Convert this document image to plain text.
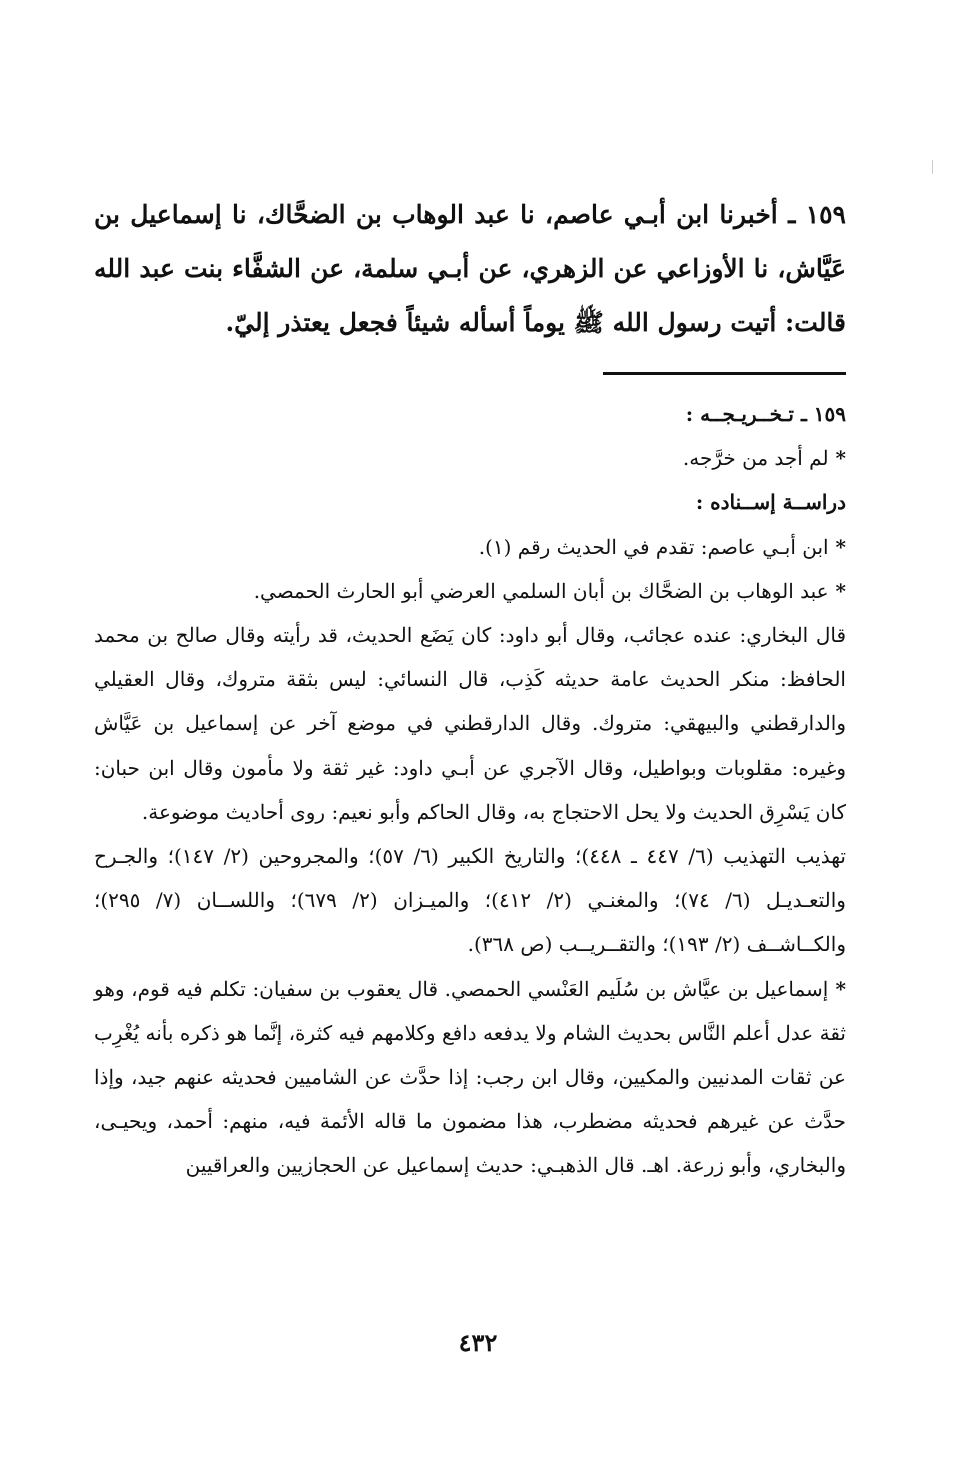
١٥٩ ـ أخبرنا ابن أبـي عاصم، نا عبد الوهاب بن الضحَّاك، نا إسماعيل بن عَيَّاش، نا الأوزاعي عن الزهري، عن أبـي سلمة، عن الشفَّاء بنت عبد الله قالت: أتيت رسول الله ﷺ يوماً أسأله شيئاً فجعل يعتذر إليّ.

١٥٩ ـ تـخــريـجــه :

* لم أجد من خرَّجه.

دراســة إســناده :

* ابن أبـي عاصم: تقدم في الحديث رقم (١).

* عبد الوهاب بن الضحَّاك بن أبان السلمي العرضي أبو الحارث الحمصي.

قال البخاري: عنده عجائب، وقال أبو داود: كان يَضَع الحديث، قد رأيته وقال صالح بن محمد الحافظ: منكر الحديث عامة حديثه كَذِب، قال النسائي: ليس بثقة متروك، وقال العقيلي والدارقطني والبيهقي: متروك. وقال الدارقطني في موضع آخر عن إسماعيل بن عَيَّاش وغيره: مقلوبات وبواطيل، وقال الآجري عن أبـي داود: غير ثقة ولا مأمون وقال ابن حبان: كان يَسْرِق الحديث ولا يحل الاحتجاج به، وقال الحاكم وأبو نعيم: روى أحاديث موضوعة.

تهذيب التهذيب (٦/ ٤٤٧ ـ ٤٤٨)؛ والتاريخ الكبير (٦/ ٥٧)؛ والمجروحين (٢/ ١٤٧)؛ والجـرح والتعـديـل (٦/ ٧٤)؛ والمغنـي (٢/ ٤١٢)؛ والميـزان (٢/ ٦٧٩)؛ واللســان (٧/ ٢٩٥)؛ والكــاشــف (٢/ ١٩٣)؛ والتقــريــب (ص ٣٦٨).

* إسماعيل بن عيَّاش بن سُلَيم العَنْسي الحمصي. قال يعقوب بن سفيان: تكلم فيه قوم، وهو ثقة عدل أعلم النَّاس بحديث الشام ولا يدفعه دافع وكلامهم فيه كثرة، إنَّما هو ذكره بأنه يُغْرِب عن ثقات المدنيين والمكيين، وقال ابن رجب: إذا حدَّث عن الشاميين فحديثه عنهم جيد، وإذا حدَّث عن غيرهم فحديثه مضطرب، هذا مضمون ما قاله الأئمة فيه، منهم: أحمد، ويحيـى، والبخاري، وأبو زرعة. اهـ. قال الذهبـي: حديث إسماعيل عن الحجازيين والعراقيين

٤٣٢
